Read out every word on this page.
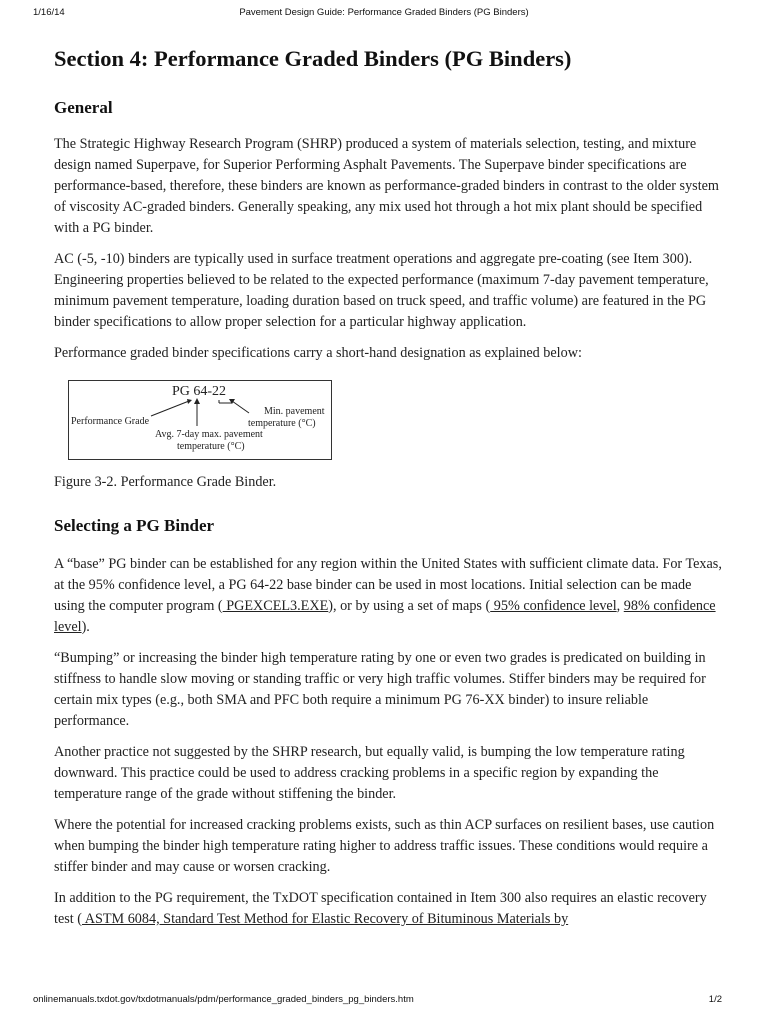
1/16/14	Pavement Design Guide: Performance Graded Binders (PG Binders)
Section 4: Performance Graded Binders (PG Binders)
General

The Strategic Highway Research Program (SHRP) produced a system of materials selection, testing, and mixture design named Superpave, for Superior Performing Asphalt Pavements. The Superpave binder specifications are performance-based, therefore, these binders are known as performance-graded binders in contrast to the older system of viscosity AC-graded binders. Generally speaking, any mix used hot through a hot mix plant should be specified with a PG binder.

AC (-5, -10) binders are typically used in surface treatment operations and aggregate pre-coating (see Item 300). Engineering properties believed to be related to the expected performance (maximum 7-day pavement temperature, minimum pavement temperature, loading duration based on truck speed, and traffic volume) are featured in the PG binder specifications to allow proper selection for a particular highway application.

Performance graded binder specifications carry a short-hand designation as explained below:

PG 64-22
Performance Grade
Min. pavement
temperature (°C)
Avg. 7-day max. pavement
temperature (°C)

Figure 3-2. Performance Grade Binder.

Selecting a PG Binder

A “base” PG binder can be established for any region within the United States with sufficient climate data. For Texas, at the 95% confidence level, a PG 64-22 base binder can be used in most locations. Initial selection can be made using the computer program ( PGEXCEL3.EXE), or by using a set of maps ( 95% confidence level, 98% confidence level).

“Bumping” or increasing the binder high temperature rating by one or even two grades is predicated on building in stiffness to handle slow moving or standing traffic or very high traffic volumes. Stiffer binders may be required for certain mix types (e.g., both SMA and PFC both require a minimum PG 76-XX binder) to insure reliable performance.

Another practice not suggested by the SHRP research, but equally valid, is bumping the low temperature rating downward. This practice could be used to address cracking problems in a specific region by expanding the temperature range of the grade without stiffening the binder.

Where the potential for increased cracking problems exists, such as thin ACP surfaces on resilient bases, use caution when bumping the binder high temperature rating higher to address traffic issues. These conditions would require a stiffer binder and may cause or worsen cracking.

In addition to the PG requirement, the TxDOT specification contained in Item 300 also requires an elastic recovery test ( ASTM 6084, Standard Test Method for Elastic Recovery of Bituminous Materials by

onlinemanuals.txdot.gov/txdotmanuals/pdm/performance_graded_binders_pg_binders.htm	1/2
